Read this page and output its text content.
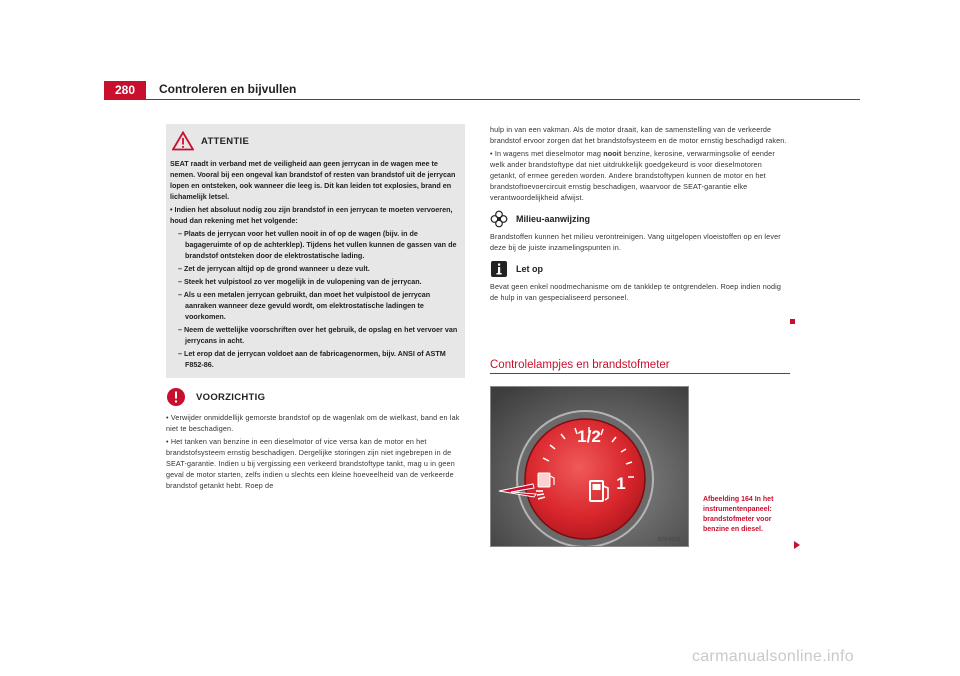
280	Controleren en bijvullen
ATTENTIE

SEAT raadt in verband met de veiligheid aan geen jerrycan in de wagen mee te nemen. Vooral bij een ongeval kan brandstof of resten van brandstof uit de jerrycan lopen en ontsteken, ook wanneer die leeg is. Dit kan leiden tot explosies, brand en lichamelijk letsel.

• Indien het absoluut nodig zou zijn brandstof in een jerrycan te moeten vervoeren, houd dan rekening met het volgende:

– Plaats de jerrycan voor het vullen nooit in of op de wagen (bijv. in de bagageruimte of op de achterklep). Tijdens het vullen kunnen de gassen van de brandstof ontsteken door de elektrostatische lading.

– Zet de jerrycan altijd op de grond wanneer u deze vult.

– Steek het vulpistool zo ver mogelijk in de vulopening van de jerrycan.

– Als u een metalen jerrycan gebruikt, dan moet het vulpistool de jerrycan aanraken wanneer deze gevuld wordt, om elektrostatische ladingen te voorkomen.

– Neem de wettelijke voorschriften over het gebruik, de opslag en het vervoer van jerrycans in acht.

– Let erop dat de jerrycan voldoet aan de fabricagenormen, bijv. ANSI of ASTM F852-86.

VOORZICHTIG

• Verwijder onmiddellijk gemorste brandstof op de wagenlak om de wielkast, band en lak niet te beschadigen.

• Het tanken van benzine in een dieselmotor of vice versa kan de motor en het brandstofsysteem ernstig beschadigen. Dergelijke storingen zijn niet ingebrepen in de SEAT-garantie. Indien u bij vergissing een verkeerd brandstoftype tankt, mag u in geen geval de motor starten, zelfs indien u slechts een kleine hoeveelheid van de verkeerde brandstof getankt hebt. Roep de

hulp in van een vakman. Als de motor draait, kan de samenstelling van de verkeerde brandstof ervoor zorgen dat het brandstofsysteem en de motor ernstig beschadigd raken.

• In wagens met dieselmotor mag nooit benzine, kerosine, verwarmingsolie of eender welk ander brandstoftype dat niet uitdrukkelijk goedgekeurd is voor dieselmotoren getankt, of ermee gereden worden. Andere brandstoftypen kunnen de motor en het brandstoftoevoercircuit ernstig beschadigen, waarvoor de SEAT-garantie elke verantwoordelijkheid afwijst.

Milieu-aanwijzing

Brandstoffen kunnen het milieu verontreinigen. Vang uitgelopen vloeistoffen op en lever deze bij de juiste inzamelingspunten in.

Let op

Bevat geen enkel noodmechanisme om de tankklep te ontgrendelen. Roep indien nodig de hulp in van gespecialiseerd personeel.

Controlelampjes en brandstofmeter
1/2
1
B7V-0516
Afbeelding 164 In het instrumentenpaneel: brandstofmeter voor benzine en diesel.
carmanualsonline.info
